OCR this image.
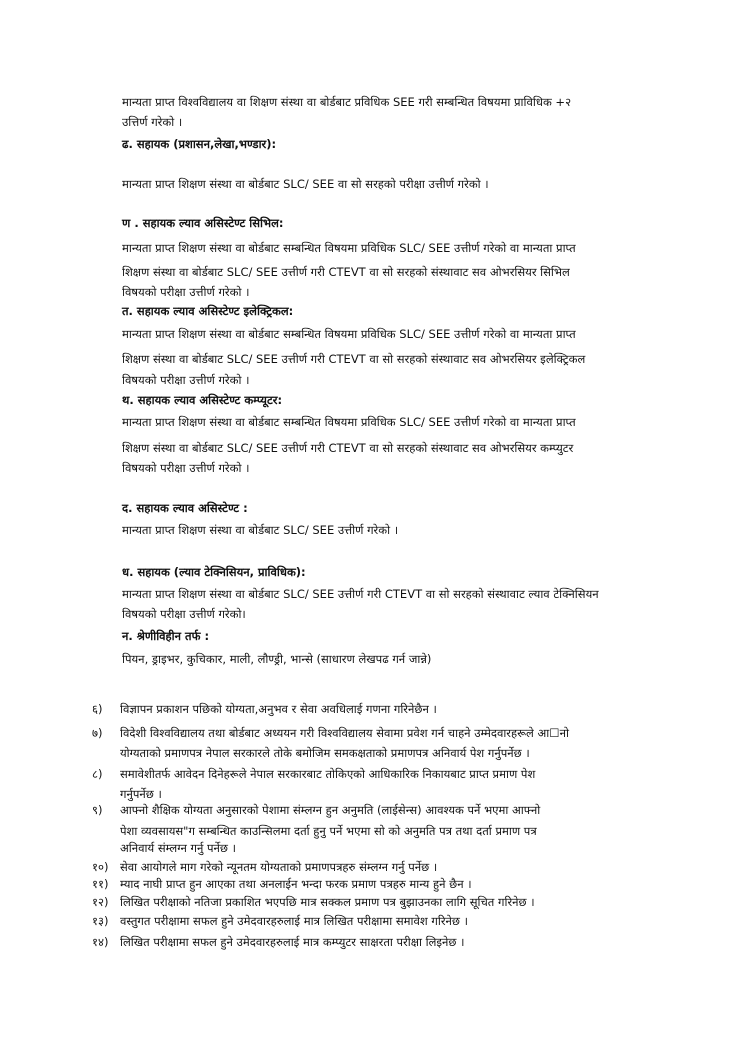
मान्यता प्राप्त विश्वविद्यालय वा शिक्षण संस्था वा बोर्डबाट प्रविधिक SEE गरी सम्बन्धित विषयमा प्राविधिक +२
उत्तिर्ण गरेको ।
ढ. सहायक (प्रशासन,लेखा,भण्डार):
मान्यता प्राप्त शिक्षण संस्था वा बोर्डबाट SLC/ SEE वा सो सरहको परीक्षा उत्तीर्ण गरेको ।
ण . सहायक ल्याव असिस्टेण्ट सिभिल:
मान्यता प्राप्त शिक्षण संस्था वा बोर्डबाट सम्बन्धित विषयमा प्रविधिक SLC/ SEE उत्तीर्ण गरेको वा मान्यता प्राप्त
शिक्षण संस्था वा बोर्डबाट SLC/ SEE उत्तीर्ण गरी CTEVT वा सो सरहको संस्थावाट सव ओभरसियर सिभिल
विषयको परीक्षा उत्तीर्ण गरेको ।
त. सहायक ल्याव असिस्टेण्ट इलेक्ट्रिकल:
मान्यता प्राप्त शिक्षण संस्था वा बोर्डबाट सम्बन्धित विषयमा प्रविधिक SLC/ SEE उत्तीर्ण गरेको वा मान्यता प्राप्त
शिक्षण संस्था वा बोर्डबाट SLC/ SEE उत्तीर्ण गरी CTEVT वा सो सरहको संस्थावाट सव ओभरसियर इलेक्ट्रिकल
विषयको परीक्षा उत्तीर्ण गरेको ।
थ. सहायक ल्याव असिस्टेण्ट कम्प्यूटर:
मान्यता प्राप्त शिक्षण संस्था वा बोर्डबाट सम्बन्धित विषयमा प्रविधिक SLC/ SEE उत्तीर्ण गरेको वा मान्यता प्राप्त
शिक्षण संस्था वा बोर्डबाट SLC/ SEE उत्तीर्ण गरी CTEVT वा सो सरहको संस्थावाट सव ओभरसियर कम्प्युटर
विषयको परीक्षा उत्तीर्ण गरेको ।
द. सहायक ल्याव असिस्टेण्ट :
मान्यता प्राप्त शिक्षण संस्था वा बोर्डबाट SLC/ SEE उत्तीर्ण गरेको ।
ध. सहायक (ल्याव टेक्निसियन, प्राविधिक):
मान्यता प्राप्त शिक्षण संस्था वा बोर्डबाट SLC/ SEE उत्तीर्ण गरी CTEVT वा सो सरहको संस्थावाट ल्याव टेक्निसियन
विषयको परीक्षा उत्तीर्ण गरेको।
न. श्रेणीविहीन तर्फ :
पियन, ड्राइभर, कुचिकार, माली, लौण्ड्री, भान्से (साधारण लेखपढ गर्न जान्ने)
६) विज्ञापन प्रकाशन पछिको योग्यता,अनुभव र सेवा अवधिलाई गणना गरिनेछैन ।
७) विदेशी विश्वविद्यालय तथा बोर्डबाट अध्ययन गरी विश्वविद्यालय सेवामा प्रवेश गर्न चाहने उम्मेदवारहरूले आ☐नो
योग्यताको प्रमाणपत्र नेपाल सरकारले तोके बमोजिम समकक्षताको प्रमाणपत्र अनिवार्य पेश गर्नुपर्नेछ ।
८) समावेशीतर्फ आवेदन दिनेहरूले नेपाल सरकारबाट तोकिएको आधिकारिक निकायबाट प्राप्त प्रमाण पेश
गर्नुपर्नेछ ।
९) आफ्नो शैक्षिक योग्यता अनुसारको पेशामा संम्लग्न हुन अनुमति (लाईसेन्स) आवश्यक पर्ने भएमा आफ्नो
पेशा व्यवसायस"ग सम्बन्धित काउन्सिलमा दर्ता हुनु पर्ने भएमा सो को अनुमति पत्र तथा दर्ता प्रमाण पत्र
अनिवार्य संम्लग्न गर्नु पर्नेछ ।
१०) सेवा आयोगले माग गरेको न्यूनतम योग्यताको प्रमाणपत्रहरु संम्लग्न गर्नु पर्नेछ ।
११) म्याद नाघी प्राप्त हुन आएका तथा अनलाईन भन्दा फरक प्रमाण पत्रहरु मान्य हुने छैन ।
१२) लिखित परीक्षाको नतिजा प्रकाशित भएपछि मात्र सक्कल प्रमाण पत्र बुझाउनका लागि सूचित गरिनेछ ।
१३) वस्तुगत परीक्षामा सफल हुने उमेदवारहरुलाई मात्र लिखित परीक्षामा समावेश गरिनेछ ।
१४) लिखित परीक्षामा सफल हुने उमेदवारहरुलाई मात्र कम्प्युटर साक्षरता परीक्षा लिइनेछ ।
